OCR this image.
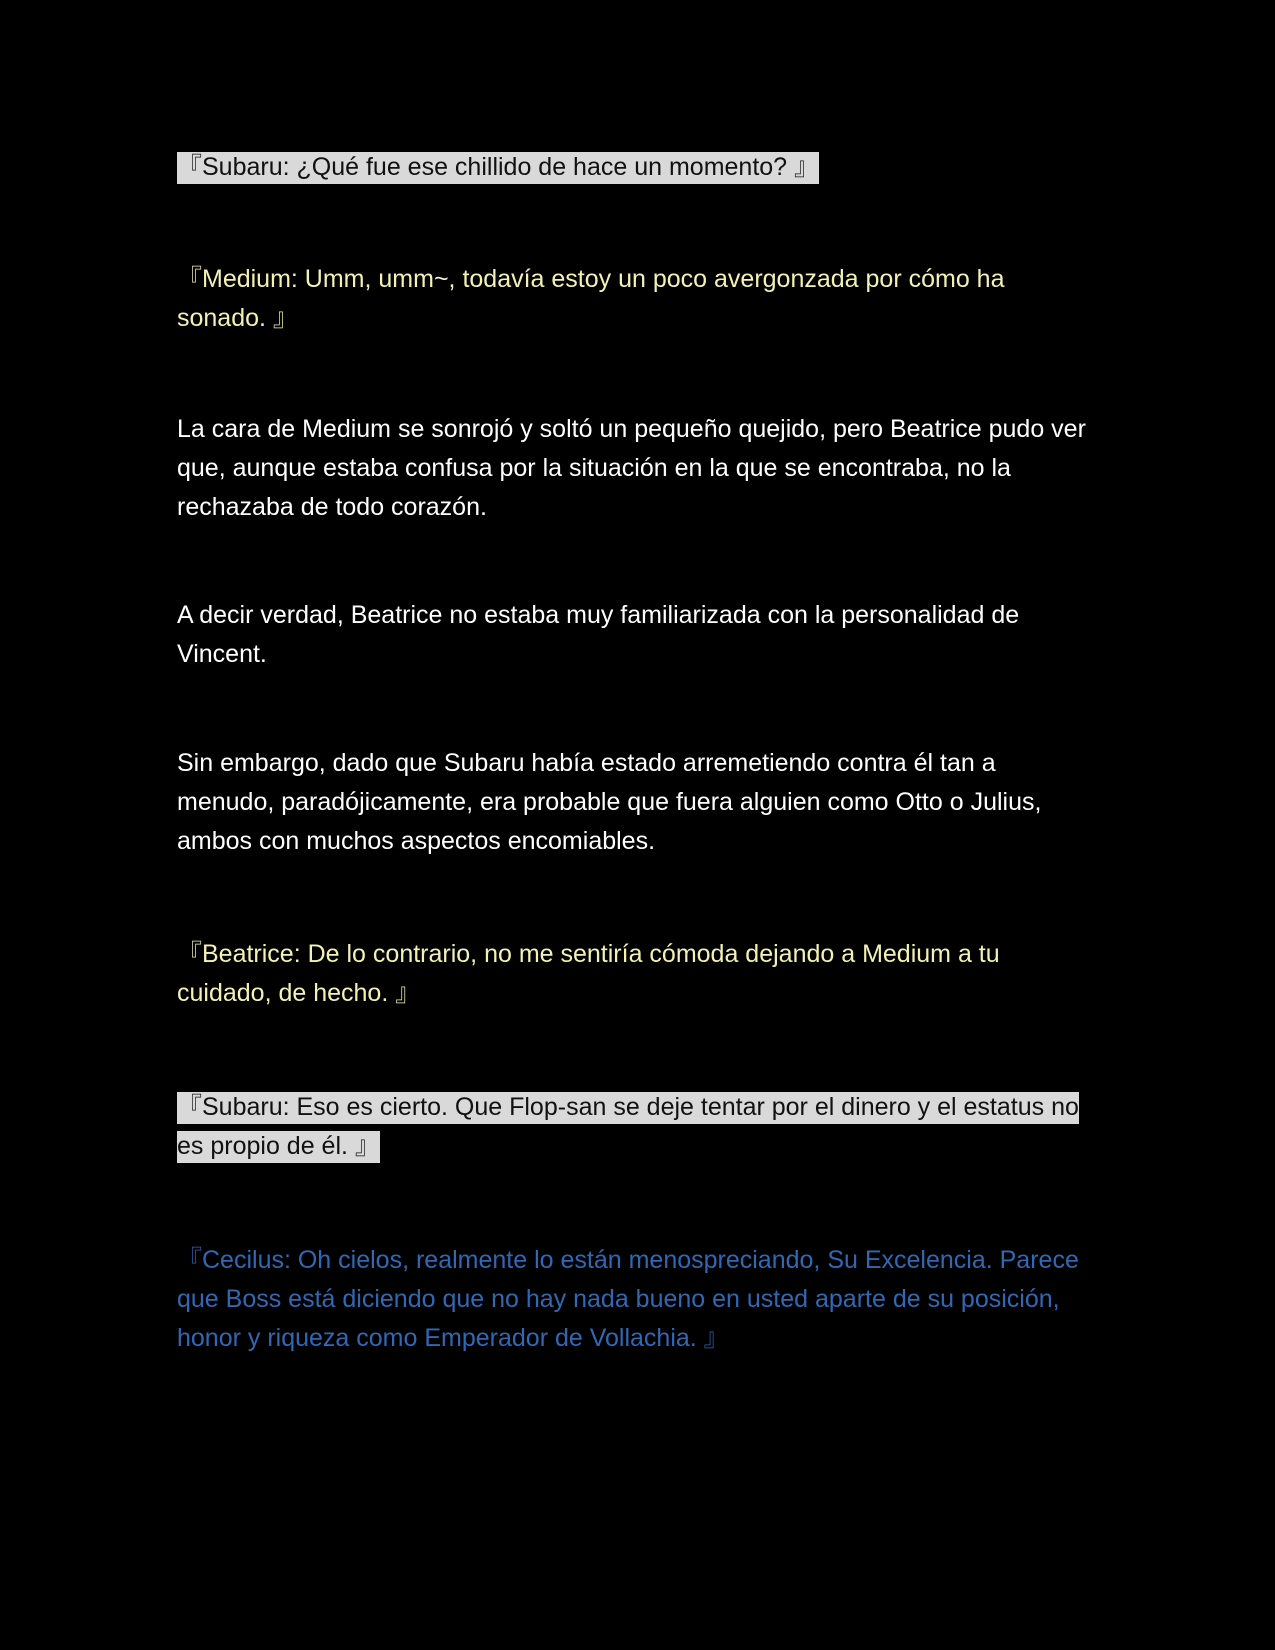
『Subaru: ¿Qué fue ese chillido de hace un momento? 』

『Medium: Umm, umm~, todavía estoy un poco avergonzada por cómo ha sonado. 』

La cara de Medium se sonrojó y soltó un pequeño quejido, pero Beatrice pudo ver que, aunque estaba confusa por la situación en la que se encontraba, no la rechazaba de todo corazón.

A decir verdad, Beatrice no estaba muy familiarizada con la personalidad de Vincent.

Sin embargo, dado que Subaru había estado arremetiendo contra él tan a menudo, paradójicamente, era probable que fuera alguien como Otto o Julius, ambos con muchos aspectos encomiables.

『Beatrice: De lo contrario, no me sentiría cómoda dejando a Medium a tu cuidado, de hecho. 』

『Subaru: Eso es cierto. Que Flop-san se deje tentar por el dinero y el estatus no es propio de él. 』

『Cecilus: Oh cielos, realmente lo están menospreciando, Su Excelencia. Parece que Boss está diciendo que no hay nada bueno en usted aparte de su posición, honor y riqueza como Emperador de Vollachia. 』
